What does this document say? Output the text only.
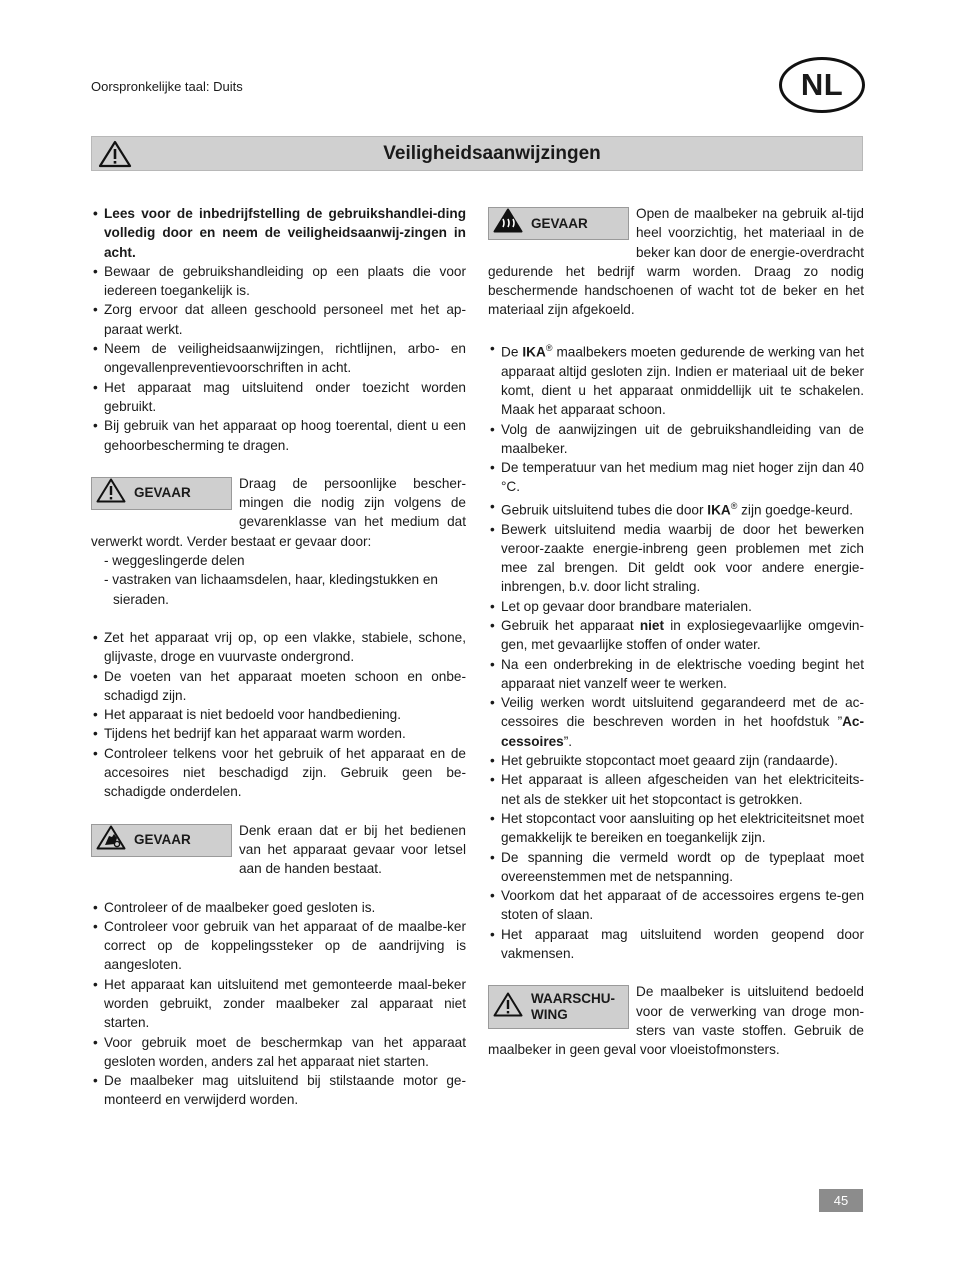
Oorspronkelijke taal: Duits	NL
Veiligheidsaanwijzingen
• Lees voor de inbedrijfstelling de gebruikshandlei-ding volledig door en neem de veiligheidsaanwij-zingen in acht.
• Bewaar de gebruikshandleiding op een plaats die voor iedereen toegankelijk is.
• Zorg ervoor dat alleen geschoold personeel met het ap-paraat werkt.
• Neem de veiligheidsaanwijzingen, richtlijnen, arbo- en ongevallenpreventievoorschriften in acht.
• Het apparaat mag uitsluitend onder toezicht worden gebruikt.
• Bij gebruik van het apparaat op hoog toerental, dient u een gehoorbescherming te dragen.
GEVAAR
Draag de persoonlijke bescher-mingen die nodig zijn volgens de gevarenklasse van het medium dat verwerkt wordt. Verder bestaat er gevaar door:
- weggeslingerde delen
- vastraken van lichaamsdelen, haar, kledingstukken en sieraden.
• Zet het apparaat vrij op, op een vlakke, stabiele, schone, glijvaste, droge en vuurvaste ondergrond.
• De voeten van het apparaat moeten schoon en onbe-schadigd zijn.
• Het apparaat is niet bedoeld voor handbediening.
• Tijdens het bedrijf kan het apparaat warm worden.
• Controleer telkens voor het gebruik of het apparaat en de accesoires niet beschadigd zijn. Gebruik geen be-schadigde onderdelen.
GEVAAR
Denk eraan dat er bij het bedienen van het apparaat gevaar voor letsel aan de handen bestaat.
• Controleer of de maalbeker goed gesloten is.
• Controleer voor gebruik van het apparaat of de maalbe-ker correct op de koppelingssteker op de aandrijving is aangesloten.
• Het apparaat kan uitsluitend met gemonteerde maal-beker worden gebruikt, zonder maalbeker zal apparaat niet starten.
• Voor gebruik moet de beschermkap van het apparaat gesloten worden, anders zal het apparaat niet starten.
• De maalbeker mag uitsluitend bij stilstaande motor ge-monteerd en verwijderd worden.
GEVAAR
Open de maalbeker na gebruik al-tijd heel voorzichtig, het materiaal in de beker kan door de energie-overdracht gedurende het bedrijf warm worden. Draag zo nodig beschermende handschoenen of wacht tot de beker en het materiaal zijn afgekoeld.
• De IKA® maalbekers moeten gedurende de werking van het apparaat altijd gesloten zijn. Indien er materiaal uit de beker komt, dient u het apparaat onmiddellijk uit te schakelen. Maak het apparaat schoon.
• Volg de aanwijzingen uit de gebruikshandleiding van de maalbeker.
• De temperatuur van het medium mag niet hoger zijn dan 40 °C.
• Gebruik uitsluitend tubes die door IKA® zijn goedge-keurd.
• Bewerk uitsluitend media waarbij de door het bewerken veroor-zaakte energie-inbreng geen problemen met zich mee zal brengen. Dit geldt ook voor andere energie-inbrengen, b.v. door licht straling.
• Let op gevaar door brandbare materialen.
• Gebruik het apparaat niet in explosiegevaarlijke omgevin-gen, met gevaarlijke stoffen of onder water.
• Na een onderbreking in de elektrische voeding begint het apparaat niet vanzelf weer te werken.
• Veilig werken wordt uitsluitend gegarandeerd met de ac-cessoires die beschreven worden in het hoofdstuk ”Ac-cessoires”.
• Het gebruikte stopcontact moet geaard zijn (randaarde).
• Het apparaat is alleen afgescheiden van het elektriciteits-net als de stekker uit het stopcontact is getrokken.
• Het stopcontact voor aansluiting op het elektriciteitsnet moet gemakkelijk te bereiken en toegankelijk zijn.
• De spanning die vermeld wordt op de typeplaat moet overeenstemmen met de netspanning.
• Voorkom dat het apparaat of de accessoires ergens te-gen stoten of slaan.
• Het apparaat mag uitsluitend worden geopend door vakmensen.
WAARSCHU-WING
De maalbeker is uitsluitend bedoeld voor de verwerking van droge mon-sters van vaste stoffen. Gebruik de maalbeker in geen geval voor vloeistofmonsters.
45
